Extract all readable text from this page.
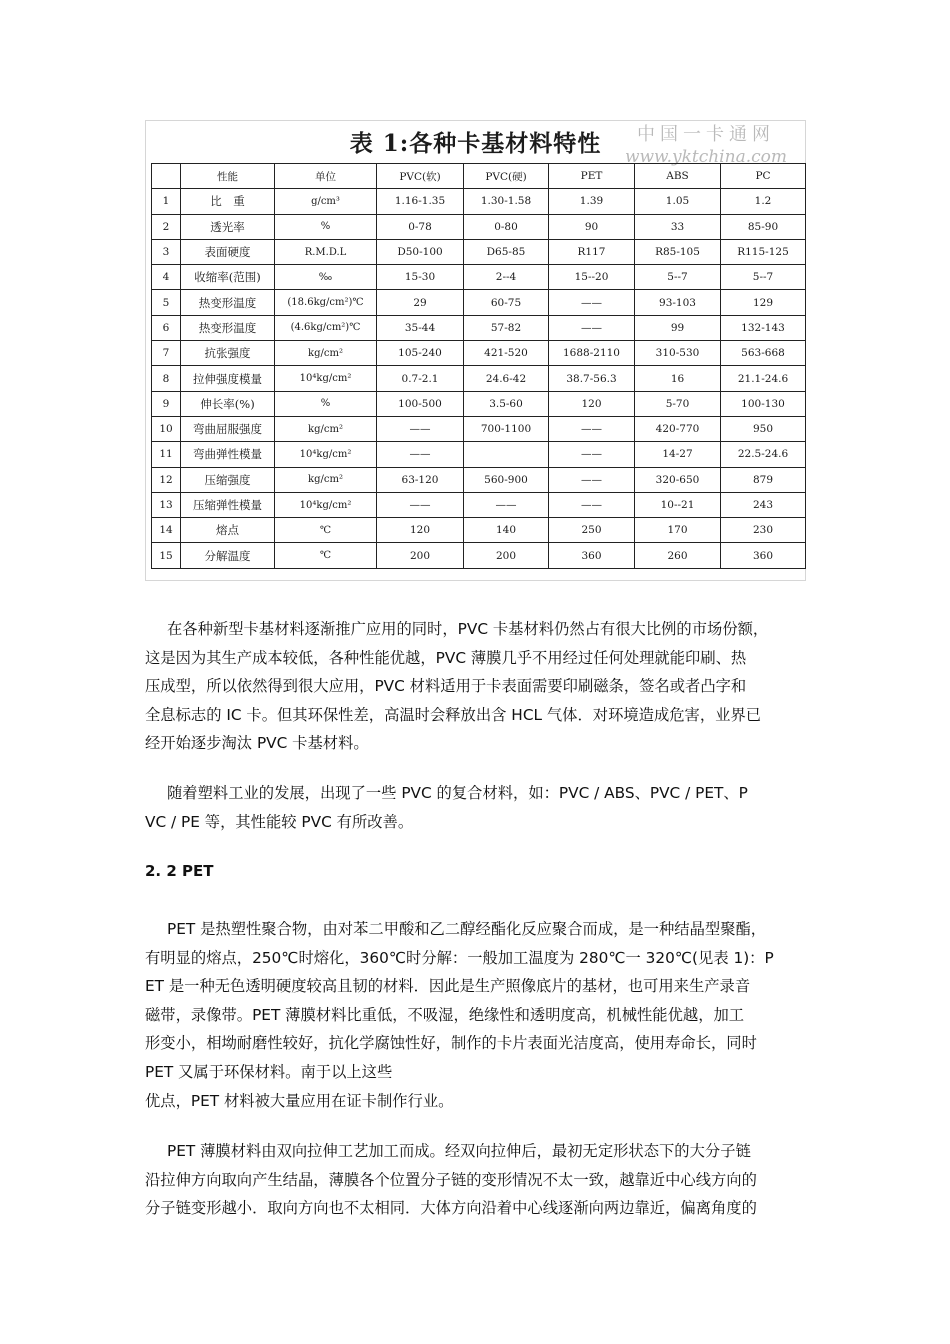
表 1:各种卡基材料特性	中国一卡通网
www.yktchina.com
	性能	单位	PVC(软)	PVC(硬)	PET	ABS	PC
1	比　重	g/cm³	1.16-1.35	1.30-1.58	1.39	1.05	1.2
2	透光率	%	0-78	0-80	90	33	85-90
3	表面硬度	R.M.D.L	D50-100	D65-85	R117	R85-105	R115-125
4	收缩率(范围)	‰	15-30	2--4	15--20	5--7	5--7
5	热变形温度	(18.6kg/cm²)℃	29	60-75	——	93-103	129
6	热变形温度	(4.6kg/cm²)℃	35-44	57-82	——	99	132-143
7	抗张强度	kg/cm²	105-240	421-520	1688-2110	310-530	563-668
8	拉伸强度模量	10⁴kg/cm²	0.7-2.1	24.6-42	38.7-56.3	16	21.1-24.6
9	伸长率(%)	%	100-500	3.5-60	120	5-70	100-130
10	弯曲屈服强度	kg/cm²	——	700-1100	——	420-770	950
11	弯曲弹性模量	10⁴kg/cm²	——		——	14-27	22.5-24.6
12	压缩强度	kg/cm²	63-120	560-900	——	320-650	879
13	压缩弹性模量	10⁴kg/cm²	——	——	——	10--21	243
14	熔点	℃	120	140	250	170	230
15	分解温度	℃	200	200	360	260	360
在各种新型卡基材料逐渐推广应用的同时，PVC 卡基材料仍然占有很大比例的市场份额，
这是因为其生产成本较低，各种性能优越，PVC 薄膜几乎不用经过任何处理就能印刷、热
压成型，所以依然得到很大应用，PVC 材料适用于卡表面需要印刷磁条，签名或者凸字和
全息标志的 IC 卡。但其环保性差，高温时会释放出含 HCL 气体．对环境造成危害，业界已
经开始逐步淘汰 PVC 卡基材料。
随着塑料工业的发展，出现了一些 PVC 的复合材料，如：PVC / ABS、PVC / PET、P
VC / PE 等，其性能较 PVC 有所改善。
2. 2 PET
PET 是热塑性聚合物，由对苯二甲酸和乙二醇经酯化反应聚合而成，是一种结晶型聚酯，
有明显的熔点，250℃时熔化，360℃时分解：一般加工温度为 280℃一 320℃(见表 1)：P
ET 是一种无色透明硬度较高且韧的材料．因此是生产照像底片的基材，也可用来生产录音
磁带，录像带。PET 薄膜材料比重低，不吸湿，绝缘性和透明度高，机械性能优越，加工
形变小，相坳耐磨性较好，抗化学腐蚀性好，制作的卡片表面光洁度高，使用寿命长，同时
PET 又属于环保材料。南于以上这些
优点，PET 材料被大量应用在证卡制作行业。
PET 薄膜材料由双向拉伸工艺加工而成。经双向拉伸后，最初无定形状态下的大分子链
沿拉伸方向取向产生结晶，薄膜各个位置分子链的变形情况不太一致，越靠近中心线方向的
分子链变形越小．取向方向也不太相同．大体方向沿着中心线逐渐向两边靠近，偏离角度的
